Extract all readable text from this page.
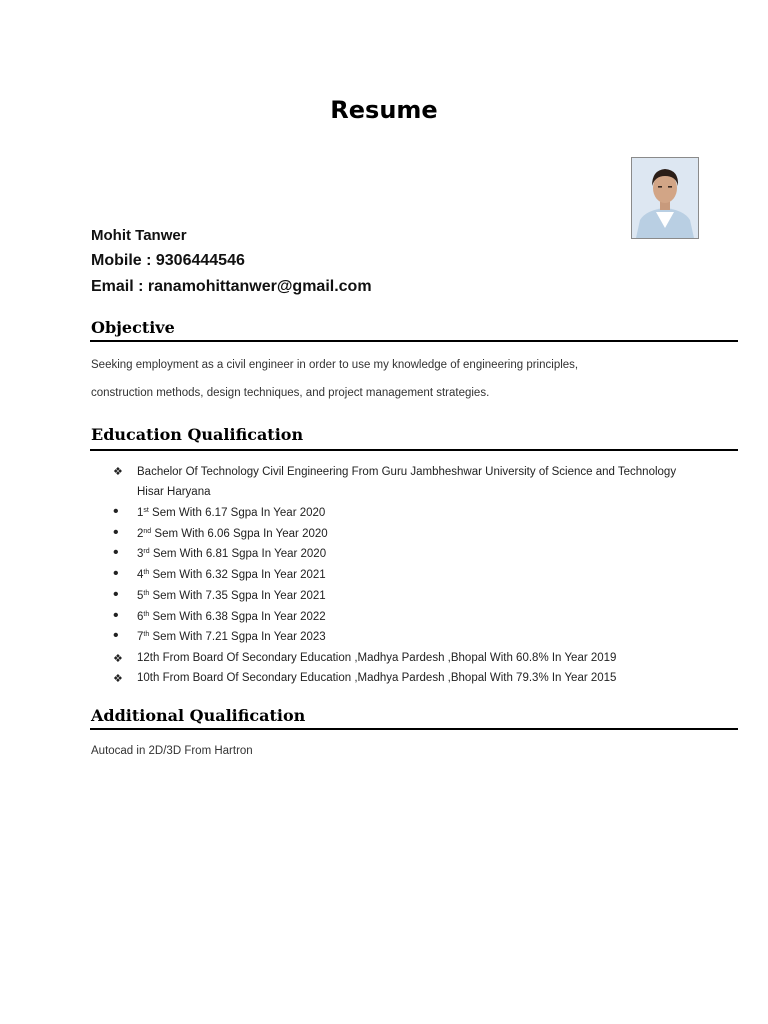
Resume
Mohit Tanwer
Mobile : 9306444546
Email : ranamohittanwer@gmail.com
Objective
Seeking employment as a civil engineer in order to use my knowledge of engineering principles,
construction methods, design techniques, and project management strategies.
Education Qualification
❖
Bachelor Of Technology Civil Engineering From Guru Jambheshwar University of Science and Technology Hisar Haryana
•
1st Sem With 6.17 Sgpa In Year 2020
•
2nd Sem With 6.06 Sgpa In Year 2020
•
3rd Sem With 6.81 Sgpa In Year 2020
•
4th Sem With 6.32 Sgpa In Year 2021
•
5th Sem With 7.35 Sgpa In Year 2021
•
6th Sem With 6.38 Sgpa In Year 2022
•
7th Sem With 7.21 Sgpa In Year 2023
❖
12th From Board Of Secondary Education ,Madhya Pardesh ,Bhopal With 60.8% In Year 2019
❖
10th From Board Of Secondary Education ,Madhya Pardesh ,Bhopal With 79.3% In Year 2015
Additional Qualification
Autocad in 2D/3D From Hartron
